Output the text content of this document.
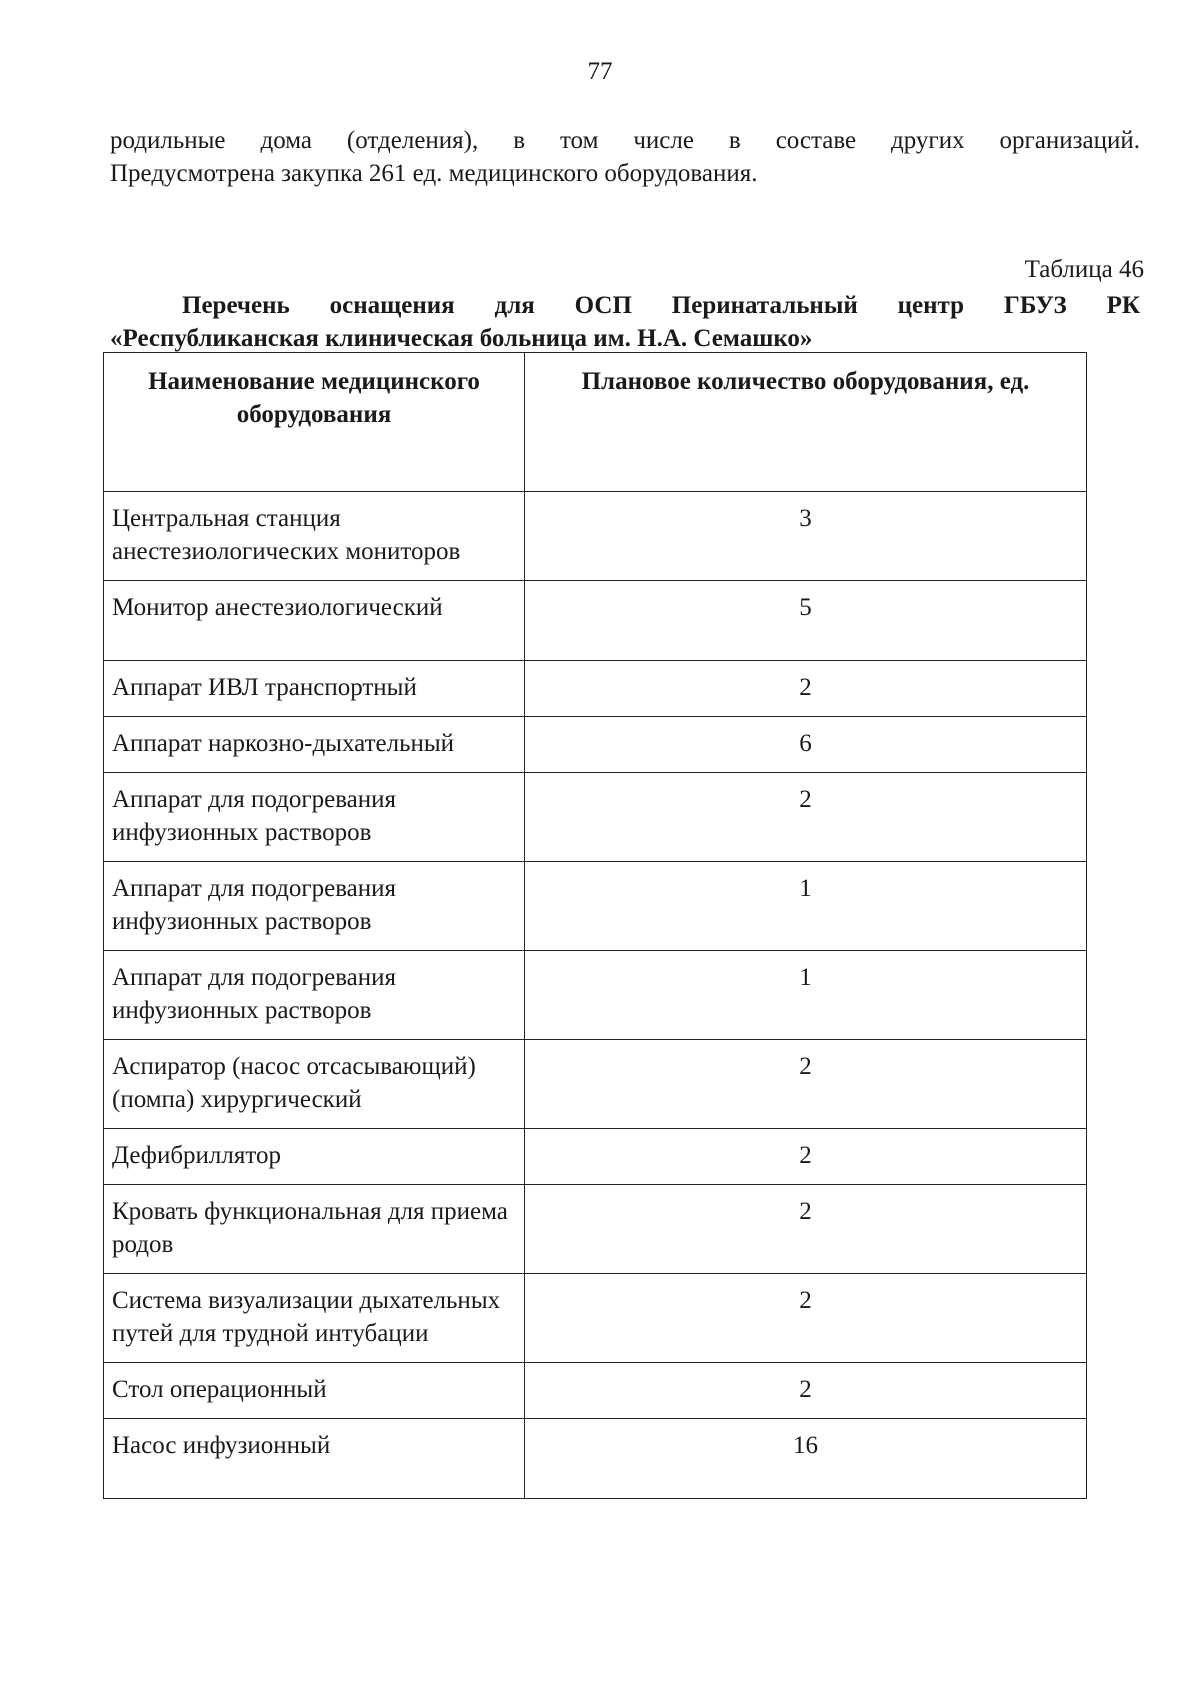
77
родильные дома (отделения), в том числе в составе других организаций.
Предусмотрена закупка 261 ед. медицинского оборудования.
Таблица 46
Перечень оснащения для ОСП Перинатальный центр ГБУЗ РК
«Республиканская клиническая больница им. Н.А. Семашко»
Наименование медицинского оборудования	Плановое количество оборудования, ед.
Центральная станция анестезиологических мониторов	3
Монитор анестезиологический	5
Аппарат ИВЛ транспортный	2
Аппарат наркозно-дыхательный	6
Аппарат для подогревания инфузионных растворов	2
Аппарат для подогревания инфузионных растворов	1
Аппарат для подогревания инфузионных растворов	1
Аспиратор (насос отсасывающий) (помпа) хирургический	2
Дефибриллятор	2
Кровать функциональная для приема родов	2
Система визуализации дыхательных путей для трудной интубации	2
Стол операционный	2
Насос инфузионный	16
